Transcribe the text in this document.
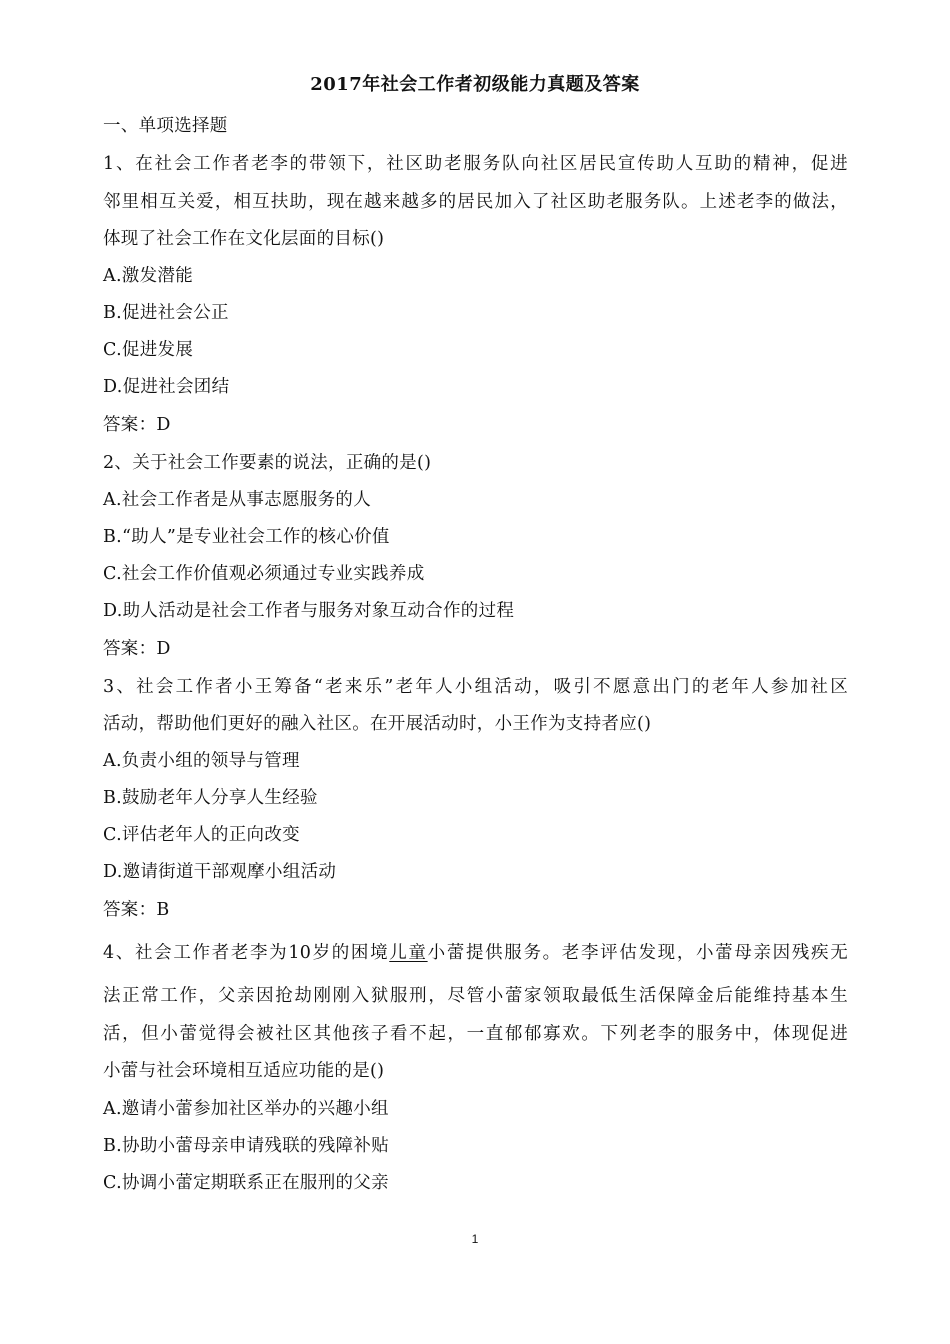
2017年社会工作者初级能力真题及答案
一、单项选择题
1、在社会工作者老李的带领下，社区助老服务队向社区居民宣传助人互助的精神，促进
邻里相互关爱，相互扶助，现在越来越多的居民加入了社区助老服务队。上述老李的做法，
体现了社会工作在文化层面的目标()
A.激发潜能
B.促进社会公正
C.促进发展
D.促进社会团结
答案：D
2、关于社会工作要素的说法，正确的是()
A.社会工作者是从事志愿服务的人
B.“助人”是专业社会工作的核心价值
C.社会工作价值观必须通过专业实践养成
D.助人活动是社会工作者与服务对象互动合作的过程
答案：D
3、社会工作者小王筹备“老来乐”老年人小组活动，吸引不愿意出门的老年人参加社区
活动，帮助他们更好的融入社区。在开展活动时，小王作为支持者应()
A.负责小组的领导与管理
B.鼓励老年人分享人生经验
C.评估老年人的正向改变
D.邀请街道干部观摩小组活动
答案：B
4、社会工作者老李为10岁的困境儿童小蕾提供服务。老李评估发现，小蕾母亲因残疾无
法正常工作，父亲因抢劫刚刚入狱服刑，尽管小蕾家领取最低生活保障金后能维持基本生
活，但小蕾觉得会被社区其他孩子看不起，一直郁郁寡欢。下列老李的服务中，体现促进
小蕾与社会环境相互适应功能的是()
A.邀请小蕾参加社区举办的兴趣小组
B.协助小蕾母亲申请残联的残障补贴
C.协调小蕾定期联系正在服刑的父亲
1
